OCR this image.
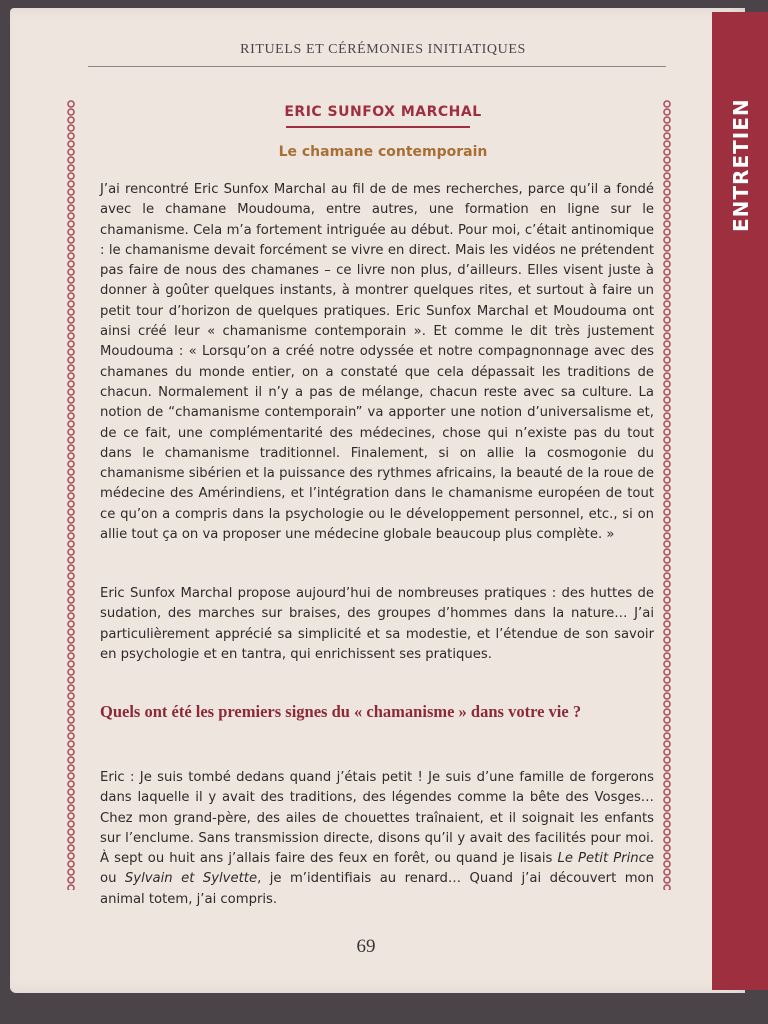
ENTRETIEN
RITUELS ET CÉRÉMONIES INITIATIQUES
ERIC SUNFOX MARCHAL
Le chamane contemporain

J’ai rencontré Eric Sunfox Marchal au fil de de mes recherches, parce qu’il a fondé avec le chamane Moudouma, entre autres, une formation en ligne sur le chamanisme. Cela m’a fortement intriguée au début. Pour moi, c’était antinomique : le chamanisme devait forcément se vivre en direct. Mais les vidéos ne prétendent pas faire de nous des chamanes – ce livre non plus, d’ailleurs. Elles visent juste à donner à goûter quelques instants, à montrer quelques rites, et surtout à faire un petit tour d’horizon de quelques pratiques. Eric Sunfox Marchal et Moudouma ont ainsi créé leur « chamanisme contemporain ». Et comme le dit très justement Moudouma : « Lorsqu’on a créé notre odyssée et notre compagnonnage avec des chamanes du monde entier, on a constaté que cela dépassait les traditions de chacun. Normalement il n’y a pas de mélange, chacun reste avec sa culture. La notion de “chamanisme contemporain” va apporter une notion d’universalisme et, de ce fait, une complémentarité des médecines, chose qui n’existe pas du tout dans le chamanisme traditionnel. Finalement, si on allie la cosmogonie du chamanisme sibérien et la puissance des rythmes africains, la beauté de la roue de médecine des Amérindiens, et l’intégration dans le chamanisme européen de tout ce qu’on a compris dans la psychologie ou le développement personnel, etc., si on allie tout ça on va proposer une médecine globale beaucoup plus complète. »

Eric Sunfox Marchal propose aujourd’hui de nombreuses pratiques : des huttes de sudation, des marches sur braises, des groupes d’hommes dans la nature… J’ai particulièrement apprécié sa simplicité et sa modestie, et l’étendue de son savoir en psychologie et en tantra, qui enrichissent ses pratiques.

Quels ont été les premiers signes du « chamanisme » dans votre vie ?

Eric : Je suis tombé dedans quand j’étais petit ! Je suis d’une famille de forgerons dans laquelle il y avait des traditions, des légendes comme la bête des Vosges… Chez mon grand-père, des ailes de chouettes traînaient, et il soignait les enfants sur l’enclume. Sans transmission directe, disons qu’il y avait des facilités pour moi. À sept ou huit ans j’allais faire des feux en forêt, ou quand je lisais Le Petit Prince ou Sylvain et Sylvette, je m’identifiais au renard… Quand j’ai découvert mon animal totem, j’ai compris.

69
